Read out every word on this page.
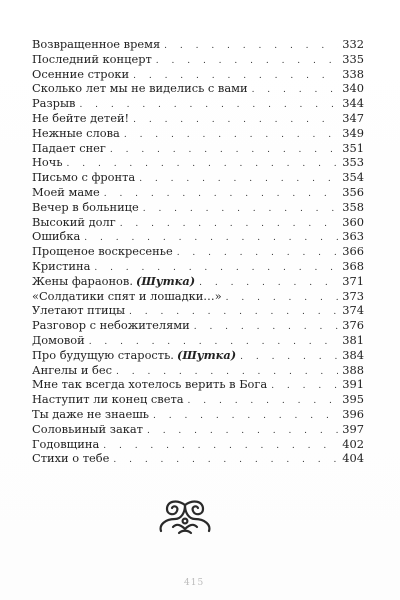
Возвращенное время . . .	332
Последний концерт . . .	335
Осенние строки . . .	338
Сколько лет мы не виделись с вами . . .	340
Разрыв . . .	344
Не бейте детей! . . .	347
Нежные слова . . .	349
Падает снег . . .	351
Ночь . . .	353
Письмо с фронта . . .	354
Моей маме . . .	356
Вечер в больнице . . .	358
Высокий долг . . .	360
Ошибка . . .	363
Прощеное воскресенье . . .	366
Кристина . . .	368
Жены фараонов. (Шутка) . . .	371
«Солдатики спят и лошадки…» . . .	373
Улетают птицы . . .	374
Разговор с небожителями . . .	376
Домовой . . .	381
Про будущую старость. (Шутка) . . .	384
Ангелы и бес . . .	388
Мне так всегда хотелось верить в Бога . . .	391
Наступит ли конец света . . .	395
Ты даже не знаешь . . .	396
Соловьиный закат . . .	397
Годовщина . . .	402
Стихи о тебе . . .	404
415
